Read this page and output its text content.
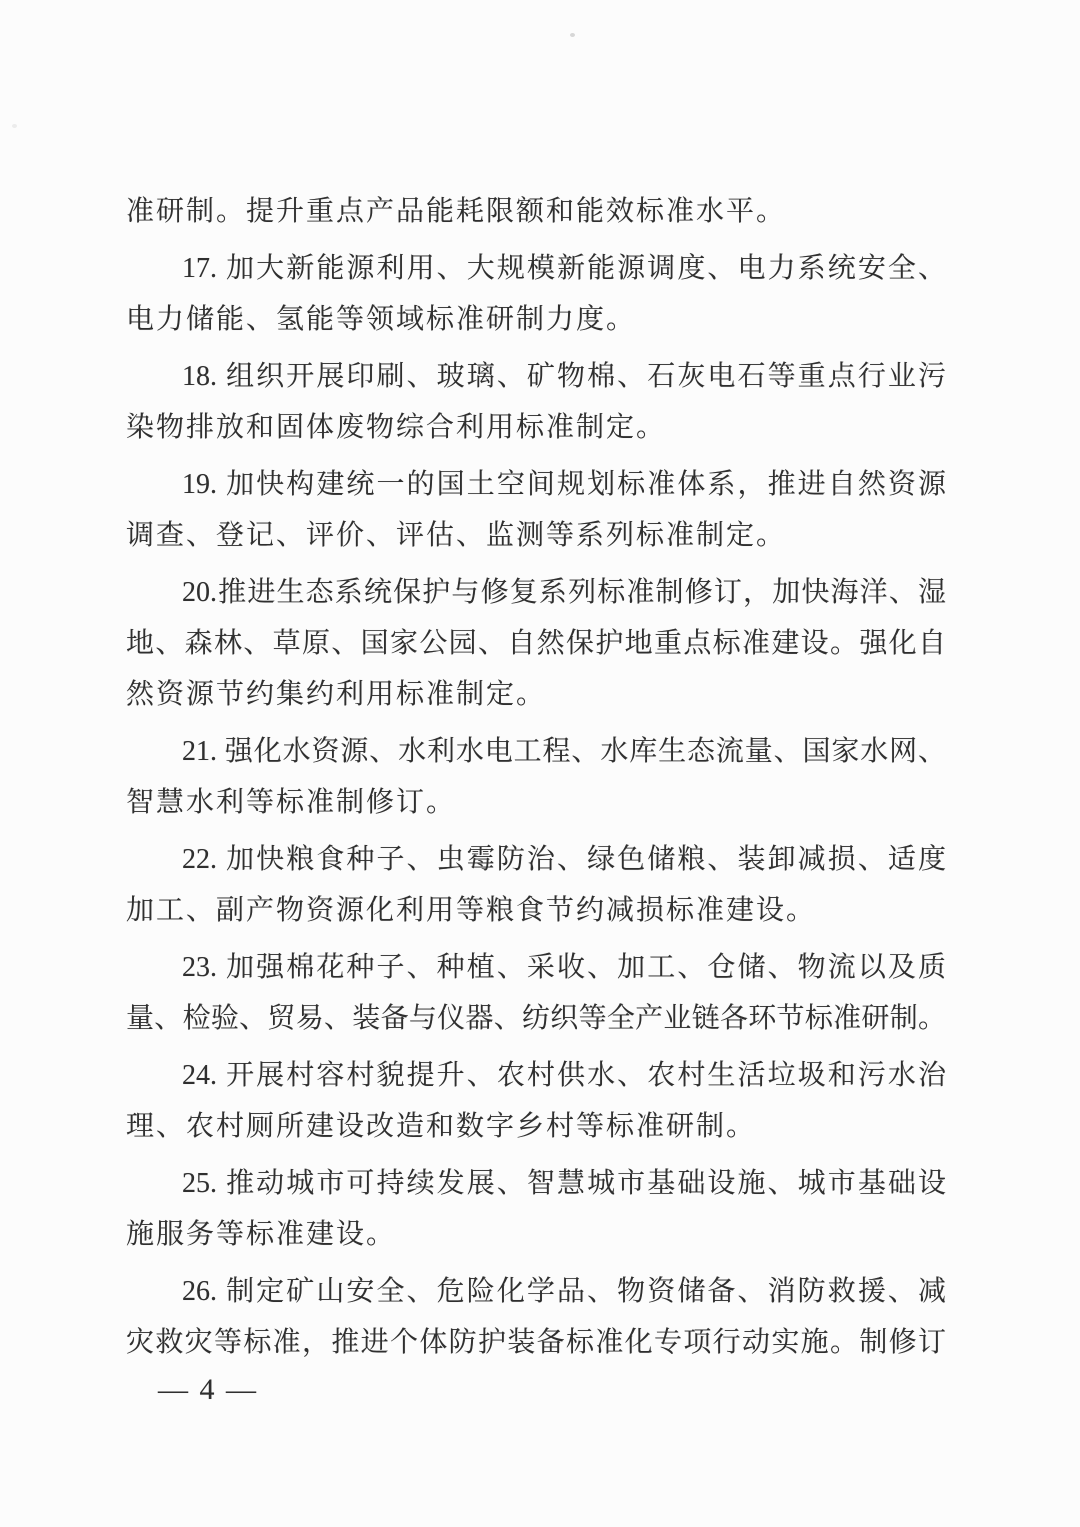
准研制。提升重点产品能耗限额和能效标准水平。

17. 加大新能源利用、大规模新能源调度、电力系统安全、
电力储能、氢能等领域标准研制力度。

18. 组织开展印刷、玻璃、矿物棉、石灰电石等重点行业污
染物排放和固体废物综合利用标准制定。

19. 加快构建统一的国土空间规划标准体系，推进自然资源
调查、登记、评价、评估、监测等系列标准制定。

20.推进生态系统保护与修复系列标准制修订，加快海洋、湿
地、森林、草原、国家公园、自然保护地重点标准建设。强化自
然资源节约集约利用标准制定。

21. 强化水资源、水利水电工程、水库生态流量、国家水网、
智慧水利等标准制修订。

22. 加快粮食种子、虫霉防治、绿色储粮、装卸减损、适度
加工、副产物资源化利用等粮食节约减损标准建设。

23. 加强棉花种子、种植、采收、加工、仓储、物流以及质
量、检验、贸易、装备与仪器、纺织等全产业链各环节标准研制。

24. 开展村容村貌提升、农村供水、农村生活垃圾和污水治
理、农村厕所建设改造和数字乡村等标准研制。

25. 推动城市可持续发展、智慧城市基础设施、城市基础设
施服务等标准建设。

26. 制定矿山安全、危险化学品、物资储备、消防救援、减
灾救灾等标准，推进个体防护装备标准化专项行动实施。制修订

— 4 —
